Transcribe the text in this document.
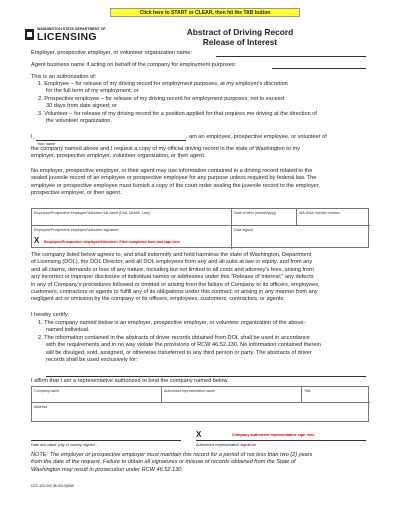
Click here to START or CLEAR, then hit the TAB button
WASHINGTON STATE DEPARTMENT OF
LICENSING	Abstract of Driving Record
Release of Interest
Employer, prospective employer, or volunteer organization name:
Agent business name if acting on behalf of the company for employment purposes:
This is an authorization of:
1. Employee – for release of my driving record for employment purposes, at my employer's discretion
for the full term of my employment; or
2. Prospective employee – for release of my driving record for employment purposes, not to exceed
30 days from date signed; or
3. Volunteer – for release of my driving record for a position applied for that requires me driving at the direction of
the volunteer organization.
I,	, am an employee, prospective employee, or volunteer of
Your name
the company named above and I request a copy of my official driving record in the state of Washington to my
employer, prospective employer, volunteer organization, or their agent.
No employer, prospective employer, or their agent may use information contained in a driving record related to the
sealed juvenile record of an employee or prospective employee for any purpose unless required by federal law. The
employee or prospective employee must furnish a copy of the court order sealing the juvenile record to the employer,
prospective employer, or their agent.
Employee/Prospective employee/Volunteer full name (First, Middle, Last)	Date of birth (mm/dd/yyyy)	WA driver license number
Employee/Prospective employee/Volunteer signature
X Employee/Prospective employee/Volunteer: Print completed form and sign here
Date signed
The company listed below agrees to, and shall indemnify and hold harmless the state of Washington, Department
of Licensing (DOL), the DOL Director, and all DOL employees from any and all suits at law or equity, and from any
and all claims, demands or loss of any nature, including but not limited to all costs and attorney's fees, arising from
any incorrect or improper disclosure of individual names or addresses under this "Release of Interest;" any defects
in any of Company's procedures followed or omitted or arising from the failure of Company or its officers, employees,
customers, contractors or agents to fulfill any of its obligations under this contract; or arising in any manner from any
negligent act or omission by the company or its officers, employees, customers, contractors, or agents.
I hereby certify:
1. The company named below is an employer, prospective employer, or volunteer organization of the above-
named individual.
2. The information contained in the abstracts of driver records obtained from DOL shall be used in accordance
with the requirements and in no way violate the provisions of RCW 46.52.130. No information contained therein
will be divulged, sold, assigned, or otherwise transferred to any third person or party. The abstracts of driver
records shall be used exclusively for:
I affirm that I am a representative authorized to bind the company named below.
Company name	Authorized representative name	Title
Address
X	Company authorized representative sign here
Date and place (city or county) signed -	Authorized representative signature
NOTE: The employer or prospective employer must maintain this record for a period of not less than two (2) years
from the date of the request. Failure to obtain all signatures or misuse of records obtained from the State of
Washington may result in prosecution under RCW 46.52.130.
DSC-420-000 (R/10/13)WAE
